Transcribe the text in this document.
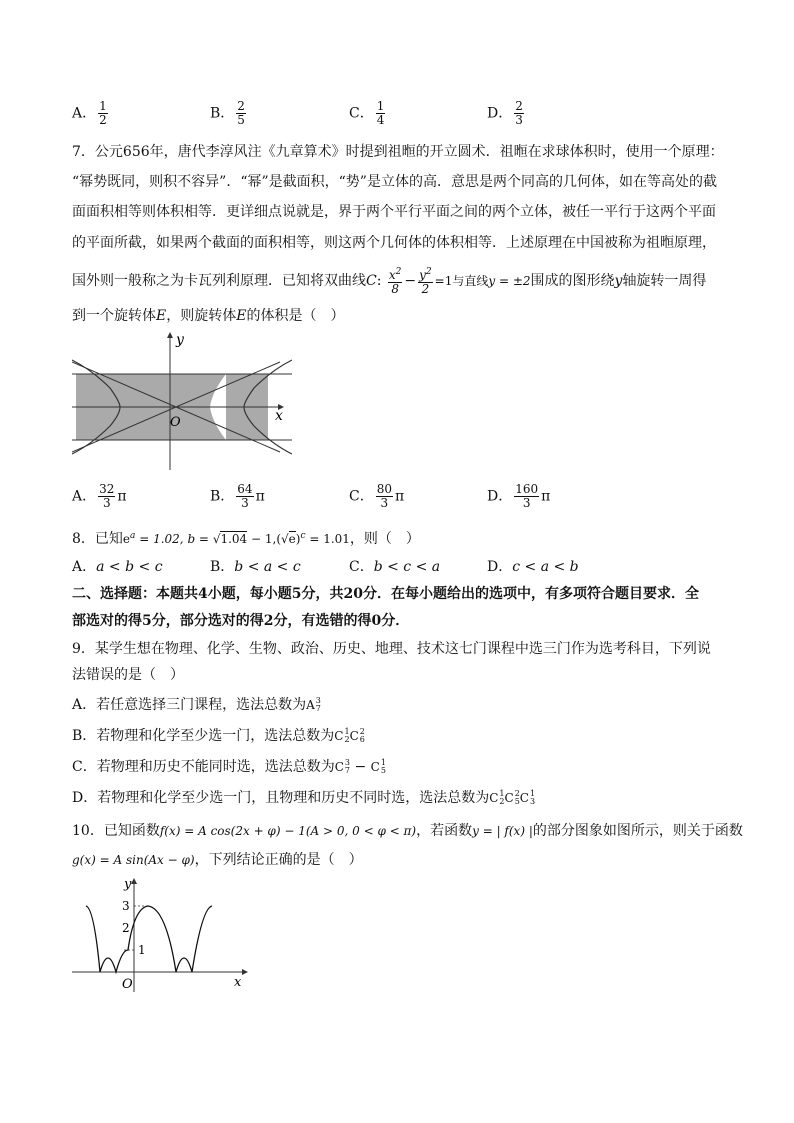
A． $\frac{1}{2}$	B． $\frac{2}{5}$	C． $\frac{1}{4}$	D． $\frac{2}{3}$
7．公元656年，唐代李淳风注《九章算术》时提到祖暅的开立圆术．祖暅在求球体积时，使用一个原理：
“幂势既同，则积不容异”．“幂”是截面积，“势”是立体的高．意思是两个同高的几何体，如在等高处的截
面面积相等则体积相等．更详细点说就是，界于两个平行平面之间的两个立体，被任一平行于这两个平面
的平面所截，如果两个截面的面积相等，则这两个几何体的体积相等．上述原理在中国被称为祖暅原理，
国外则一般称之为卡瓦列利原理．已知将双曲线C: $\frac{x^2}{8} - \frac{y^2}{2} =1$与直线y = ±2围成的图形绕y轴旋转一周得
到一个旋转体E，则旋转体E的体积是（　）
y
x
O
A． $\frac{32}{3}$ π	B． $\frac{64}{3}$ π	C． $\frac{80}{3}$ π	D． $\frac{160}{3}$ π
8．已知$e^a = 1.02$, $b = √1.04 - 1,(√e)^c = 1.01$，则（　）
A．a < b < c	B．b < a < c	C．b < c < a	D．c < a < b
二、选择题：本题共4小题，每小题5分，共20分．在每小题给出的选项中，有多项符合题目要求．全
部选对的得5分，部分选对的得2分，有选错的得0分．
9．某学生想在物理、化学、生物、政治、历史、地理、技术这七门课程中选三门作为选考科目，下列说
法错误的是（　）
A．若任意选择三门课程，选法总数为A 3
7
B．若物理和化学至少选一门，选法总数为C 1
2 C 2
6
C．若物理和历史不能同时选，选法总数为C 3
7 − C 1
5
D．若物理和化学至少选一门，且物理和历史不同时选，选法总数为C 1
2 C 2
5 C 1
3
10．已知函数f(x) = A cos(2x + φ) − 1(A > 0, 0 < φ < π)，若函数y = | f(x) |的部分图象如图所示，则关于函数
g(x) = A sin(Ax − φ)，下列结论正确的是（　）
y
x
O
3
2
1
